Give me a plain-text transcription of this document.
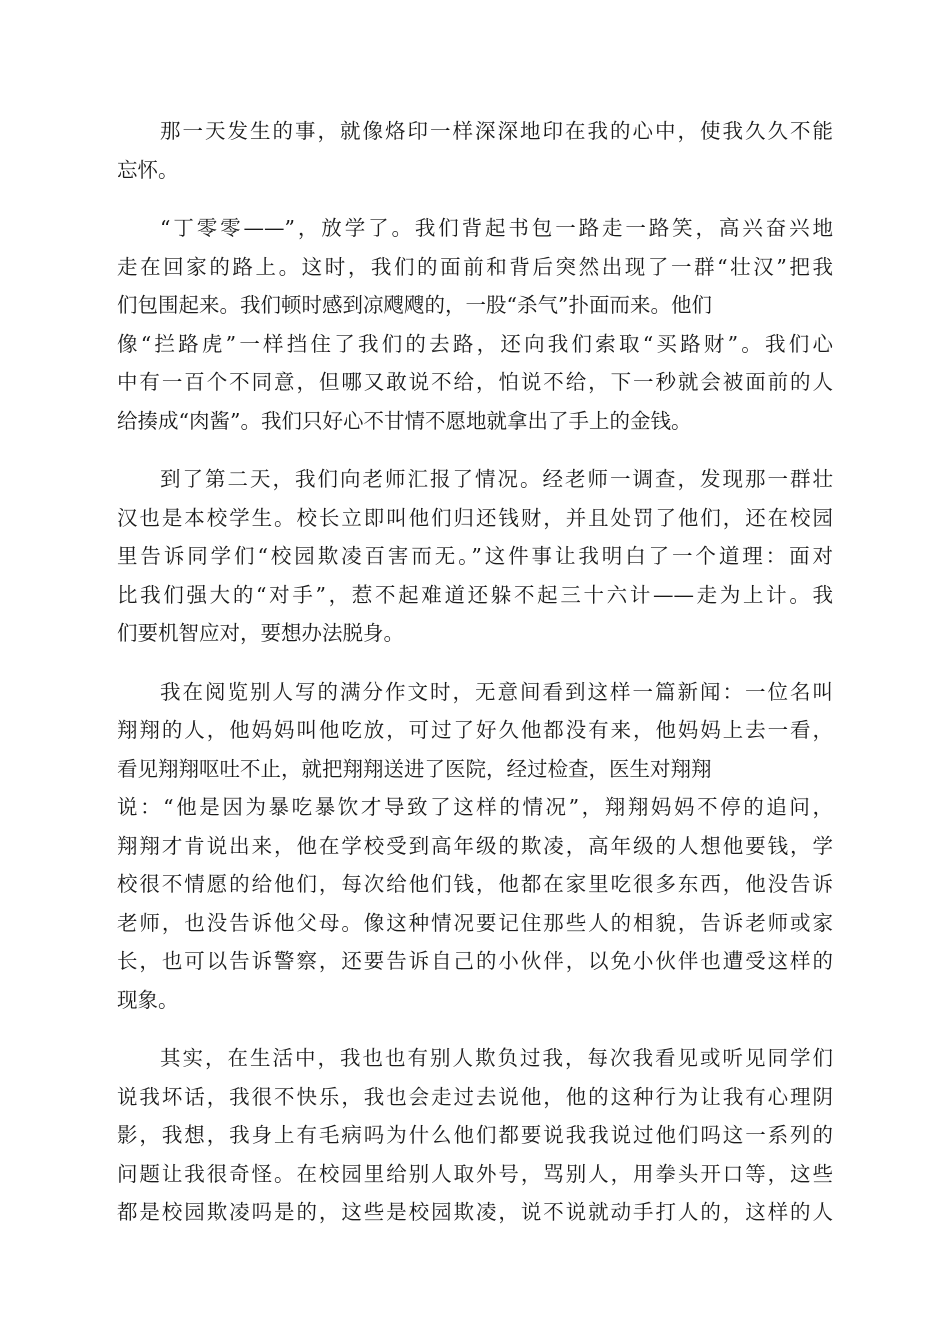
那一天发生的事，就像烙印一样深深地印在我的心中，使我久久不能
忘怀。
“丁零零——”，放学了。我们背起书包一路走一路笑，高兴奋兴地
走在回家的路上。这时，我们的面前和背后突然出现了一群“壮汉”把我
们包围起来。我们顿时感到凉飕飕的，一股“杀气”扑面而来。他们
像“拦路虎”一样挡住了我们的去路，还向我们索取“买路财”。我们心
中有一百个不同意，但哪又敢说不给，怕说不给，下一秒就会被面前的人
给揍成“肉酱”。我们只好心不甘情不愿地就拿出了手上的金钱。
到了第二天，我们向老师汇报了情况。经老师一调查，发现那一群壮
汉也是本校学生。校长立即叫他们归还钱财，并且处罚了他们，还在校园
里告诉同学们“校园欺凌百害而无。”这件事让我明白了一个道理：面对
比我们强大的“对手”，惹不起难道还躲不起三十六计——走为上计。我
们要机智应对，要想办法脱身。
我在阅览别人写的满分作文时，无意间看到这样一篇新闻：一位名叫
翔翔的人，他妈妈叫他吃放，可过了好久他都没有来，他妈妈上去一看，
看见翔翔呕吐不止，就把翔翔送进了医院，经过检查，医生对翔翔
说：“他是因为暴吃暴饮才导致了这样的情况”，翔翔妈妈不停的追问，
翔翔才肯说出来，他在学校受到高年级的欺凌，高年级的人想他要钱，学
校很不情愿的给他们，每次给他们钱，他都在家里吃很多东西，他没告诉
老师，也没告诉他父母。像这种情况要记住那些人的相貌，告诉老师或家
长，也可以告诉警察，还要告诉自己的小伙伴，以免小伙伴也遭受这样的
现象。
其实，在生活中，我也也有别人欺负过我，每次我看见或听见同学们
说我坏话，我很不快乐，我也会走过去说他，他的这种行为让我有心理阴
影，我想，我身上有毛病吗为什么他们都要说我我说过他们吗这一系列的
问题让我很奇怪。在校园里给别人取外号，骂别人，用拳头开口等，这些
都是校园欺凌吗是的，这些是校园欺凌，说不说就动手打人的，这样的人
